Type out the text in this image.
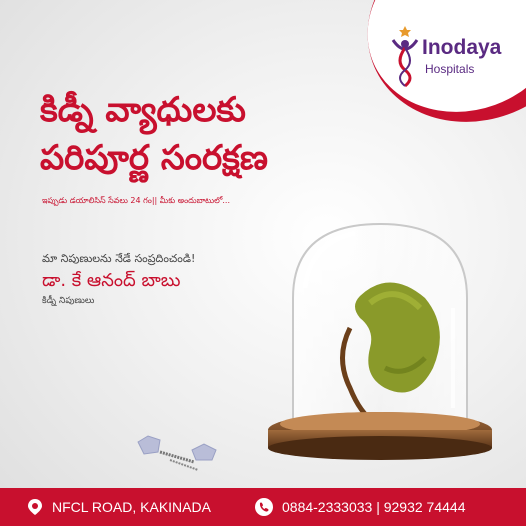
Inodaya
Hospitals
కిడ్నీ వ్యాధులకు
పరిపూర్ణ సంరక్షణ
ఇప్పుడు డయాలిసిస్ సేవలు 24 గం|| మీకు అందుబాటులో...
మా నిపుణులను నేడే సంప్రదించండి!
డా. కే ఆనంద్ బాబు
కిడ్నీ నిపుణులు
NFCL ROAD, KAKINADA	0884-2333033 | 92932 74444
